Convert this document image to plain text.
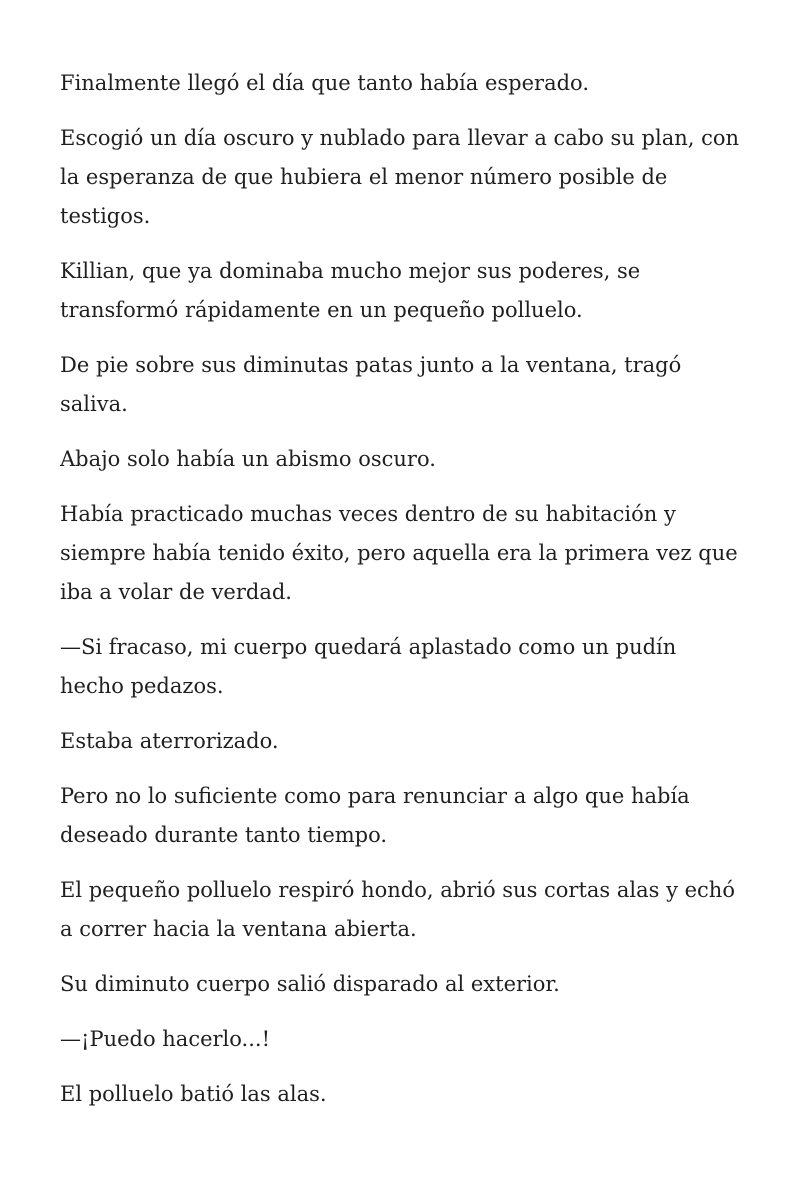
Finalmente llegó el día que tanto había esperado.

Escogió un día oscuro y nublado para llevar a cabo su plan, con la esperanza de que hubiera el menor número posible de testigos.

Killian, que ya dominaba mucho mejor sus poderes, se transformó rápidamente en un pequeño polluelo.

De pie sobre sus diminutas patas junto a la ventana, tragó saliva.

Abajo solo había un abismo oscuro.

Había practicado muchas veces dentro de su habitación y siempre había tenido éxito, pero aquella era la primera vez que iba a volar de verdad.

—Si fracaso, mi cuerpo quedará aplastado como un pudín hecho pedazos.

Estaba aterrorizado.

Pero no lo suficiente como para renunciar a algo que había deseado durante tanto tiempo.

El pequeño polluelo respiró hondo, abrió sus cortas alas y echó a correr hacia la ventana abierta.

Su diminuto cuerpo salió disparado al exterior.

—¡Puedo hacerlo...!

El polluelo batió las alas.
